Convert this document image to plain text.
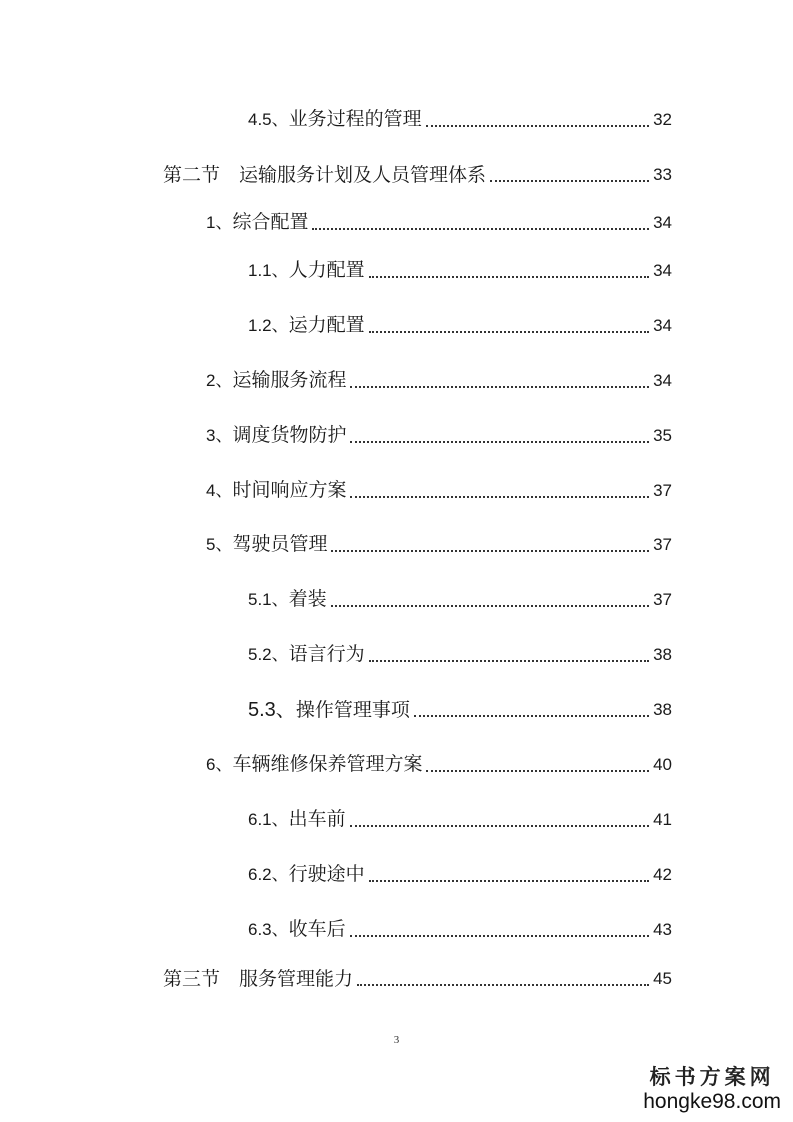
4.5、业务过程的管理	32
第二节　运输服务计划及人员管理体系	33
1、综合配置	34
1.1、人力配置	34
1.2、运力配置	34
2、运输服务流程	34
3、调度货物防护	35
4、时间响应方案	37
5、驾驶员管理	37
5.1、着装	37
5.2、语言行为	38
5.3、操作管理事项	38
6、车辆维修保养管理方案	40
6.1、出车前	41
6.2、行驶途中	42
6.3、收车后	43
第三节　服务管理能力	45
3
标书方案网
hongke98.com
